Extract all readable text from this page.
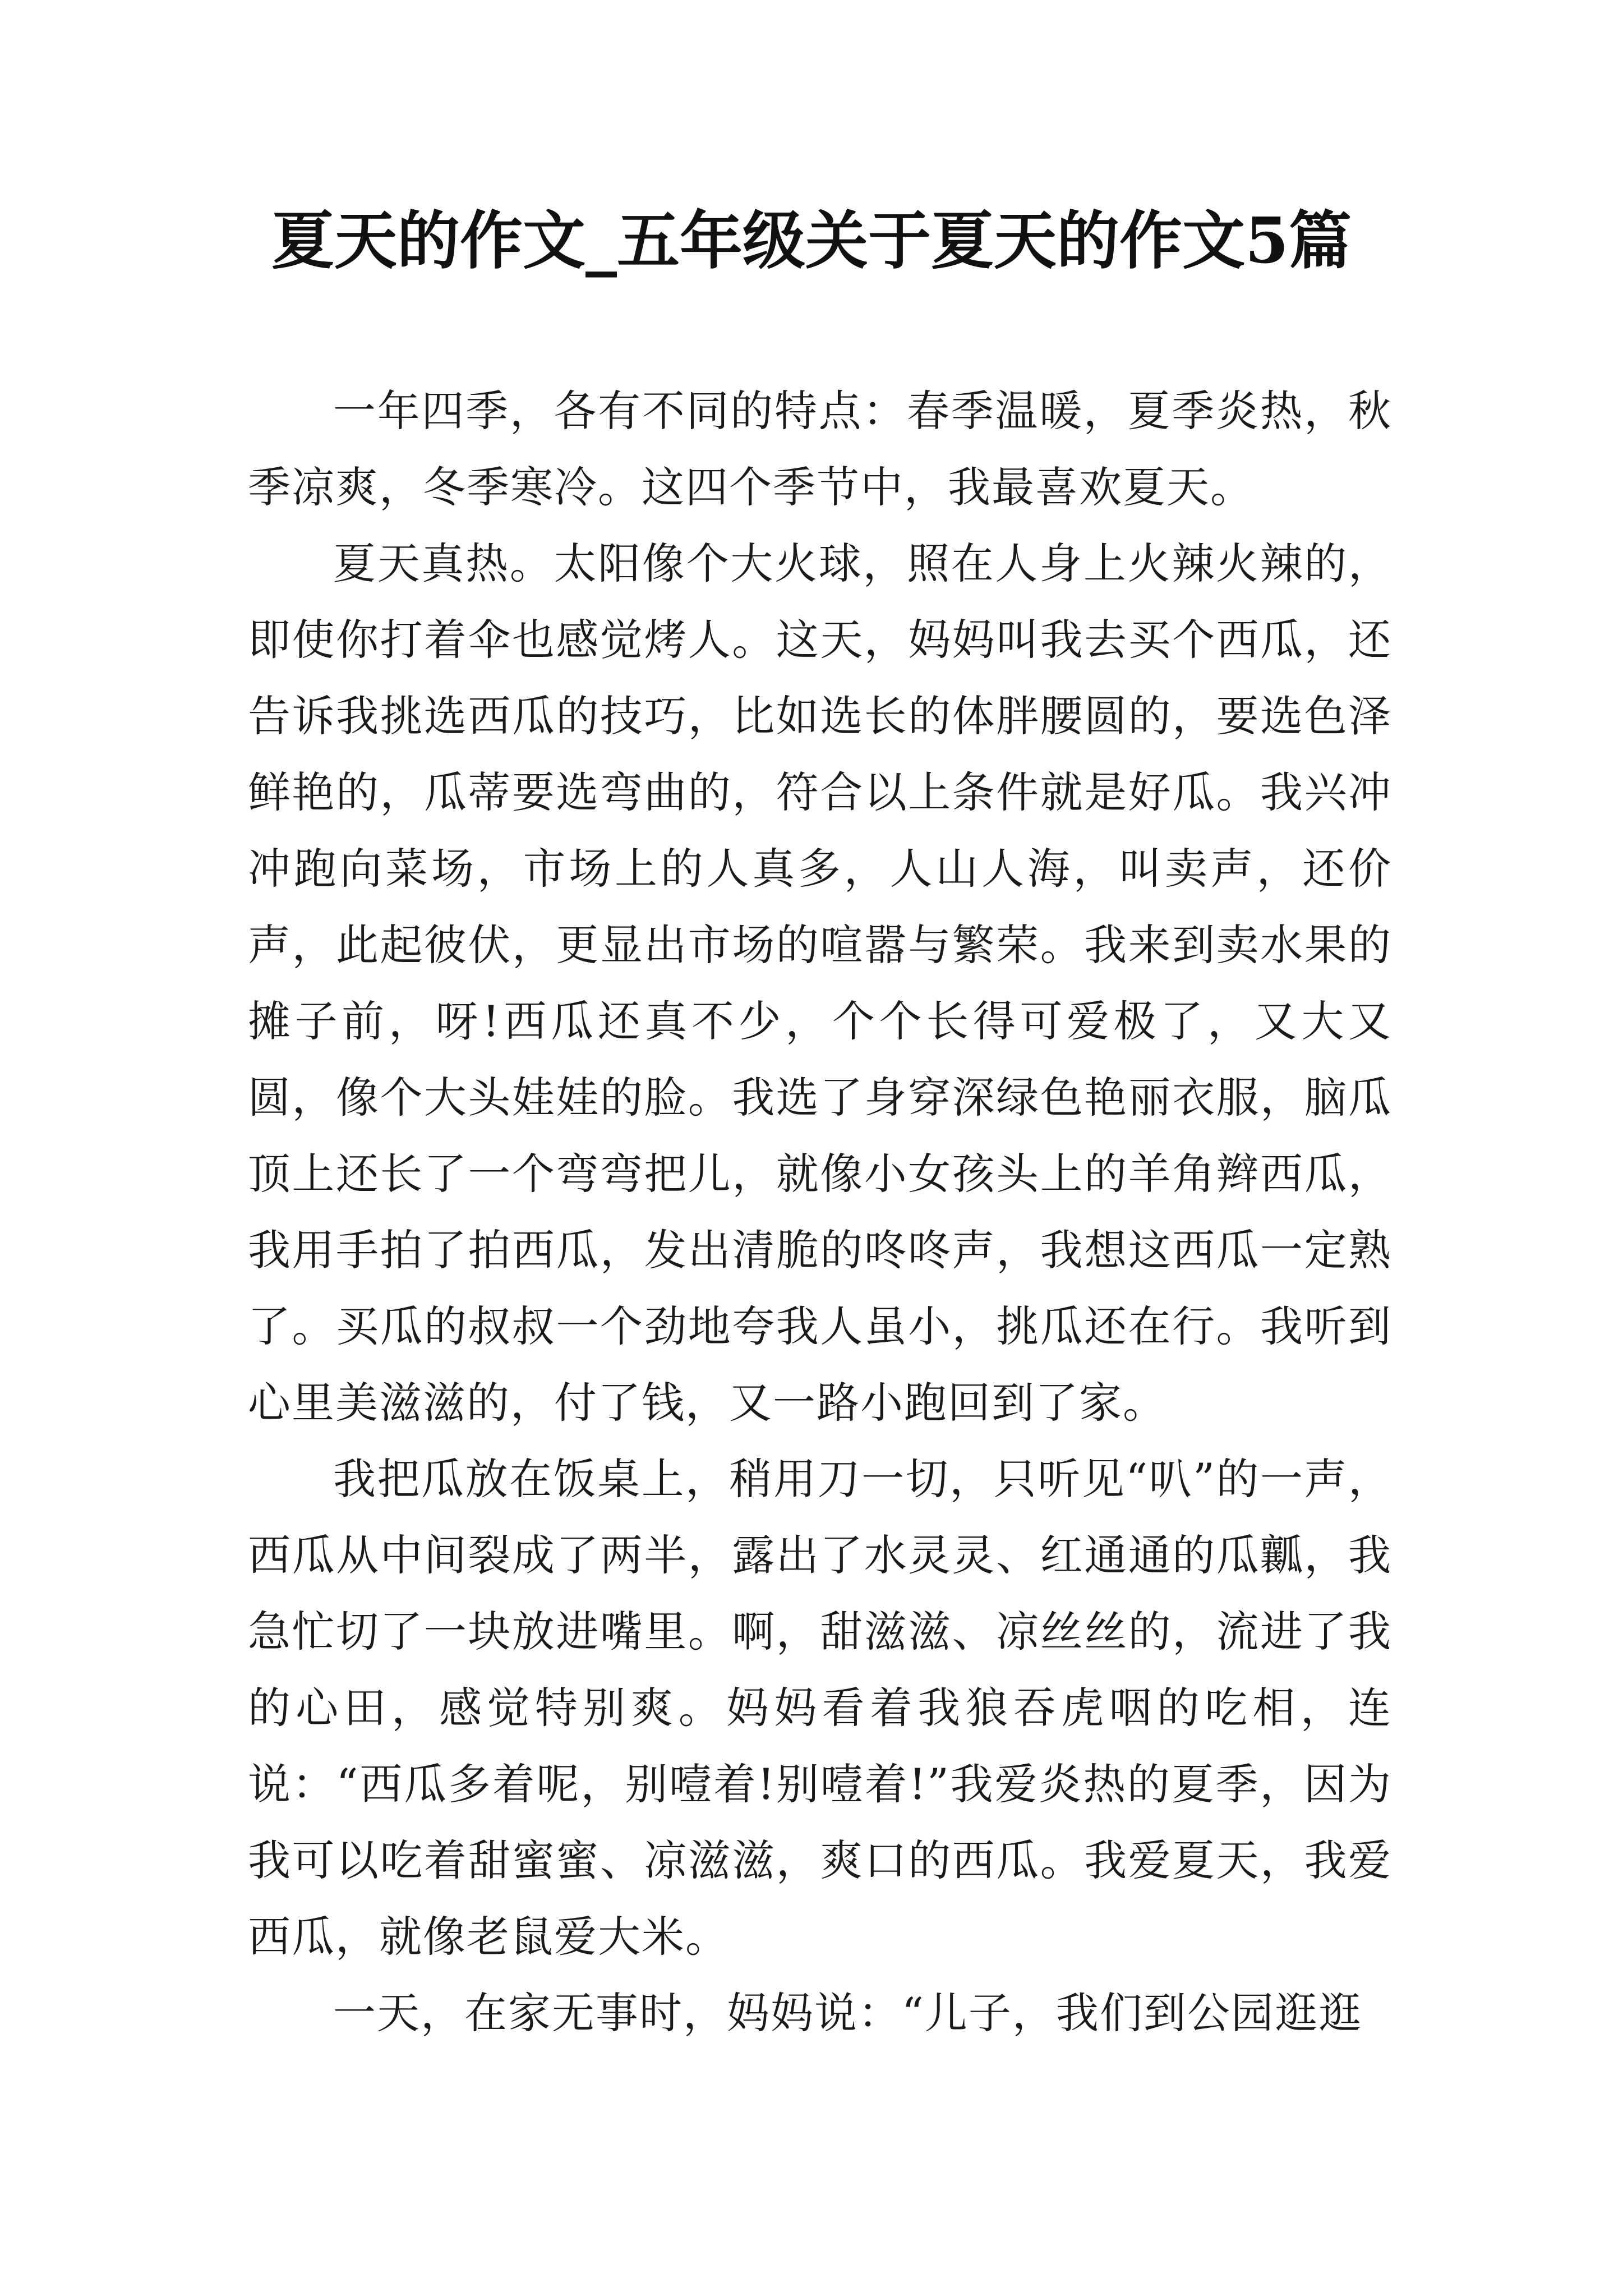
夏天的作文_五年级关于夏天的作文5篇

一年四季，各有不同的特点：春季温暖，夏季炎热，秋季凉爽，冬季寒冷。这四个季节中，我最喜欢夏天。

夏天真热。太阳像个大火球，照在人身上火辣火辣的，即使你打着伞也感觉烤人。这天，妈妈叫我去买个西瓜，还告诉我挑选西瓜的技巧，比如选长的体胖腰圆的，要选色泽鲜艳的，瓜蒂要选弯曲的，符合以上条件就是好瓜。我兴冲冲跑向菜场，市场上的人真多，人山人海，叫卖声，还价声，此起彼伏，更显出市场的喧嚣与繁荣。我来到卖水果的摊子前，呀!西瓜还真不少，个个长得可爱极了，又大又圆，像个大头娃娃的脸。我选了身穿深绿色艳丽衣服，脑瓜顶上还长了一个弯弯把儿，就像小女孩头上的羊角辫西瓜，我用手拍了拍西瓜，发出清脆的咚咚声，我想这西瓜一定熟了。买瓜的叔叔一个劲地夸我人虽小，挑瓜还在行。我听到心里美滋滋的，付了钱，又一路小跑回到了家。

我把瓜放在饭桌上，稍用刀一切，只听见“叭”的一声，西瓜从中间裂成了两半，露出了水灵灵、红通通的瓜瓤，我急忙切了一块放进嘴里。啊，甜滋滋、凉丝丝的，流进了我的心田，感觉特别爽。妈妈看着我狼吞虎咽的吃相，连说：“西瓜多着呢，别噎着!别噎着!”我爱炎热的夏季，因为我可以吃着甜蜜蜜、凉滋滋，爽口的西瓜。我爱夏天，我爱西瓜，就像老鼠爱大米。

一天，在家无事时，妈妈说：“儿子，我们到公园逛逛
